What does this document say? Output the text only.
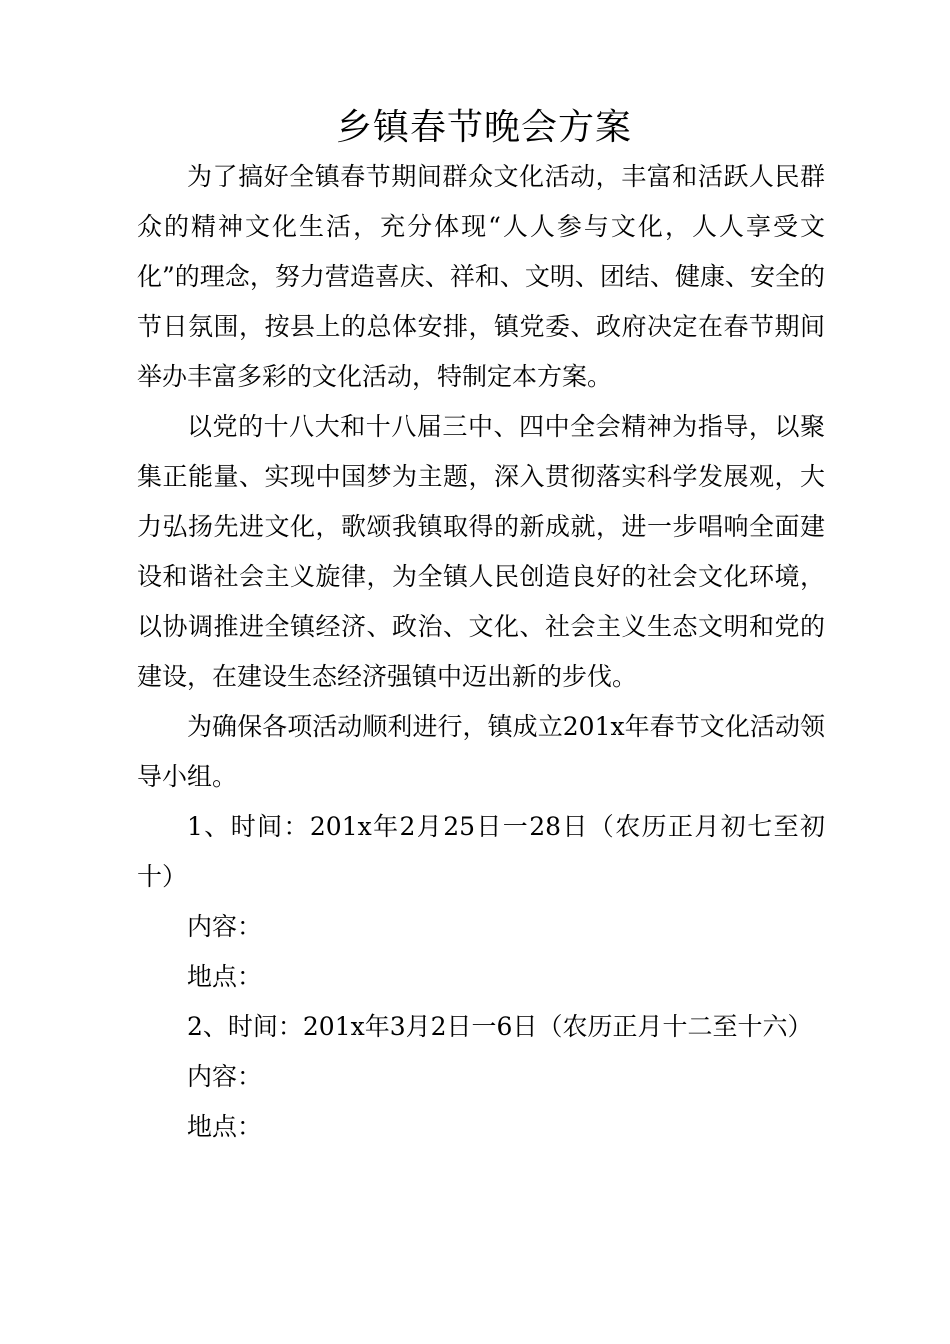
乡镇春节晚会方案

为了搞好全镇春节期间群众文化活动，丰富和活跃人民群众的精神文化生活，充分体现“人人参与文化，人人享受文化”的理念，努力营造喜庆、祥和、文明、团结、健康、安全的节日氛围，按县上的总体安排，镇党委、政府决定在春节期间举办丰富多彩的文化活动，特制定本方案。

以党的十八大和十八届三中、四中全会精神为指导，以聚集正能量、实现中国梦为主题，深入贯彻落实科学发展观，大力弘扬先进文化，歌颂我镇取得的新成就，进一步唱响全面建设和谐社会主义旋律，为全镇人民创造良好的社会文化环境，以协调推进全镇经济、政治、文化、社会主义生态文明和党的建设，在建设生态经济强镇中迈出新的步伐。

为确保各项活动顺利进行，镇成立201x年春节文化活动领导小组。

1、时间：201x年2月25日一28日（农历正月初七至初十）

内容：

地点：

2、时间：201x年3月2日一6日（农历正月十二至十六）

内容：

地点：
